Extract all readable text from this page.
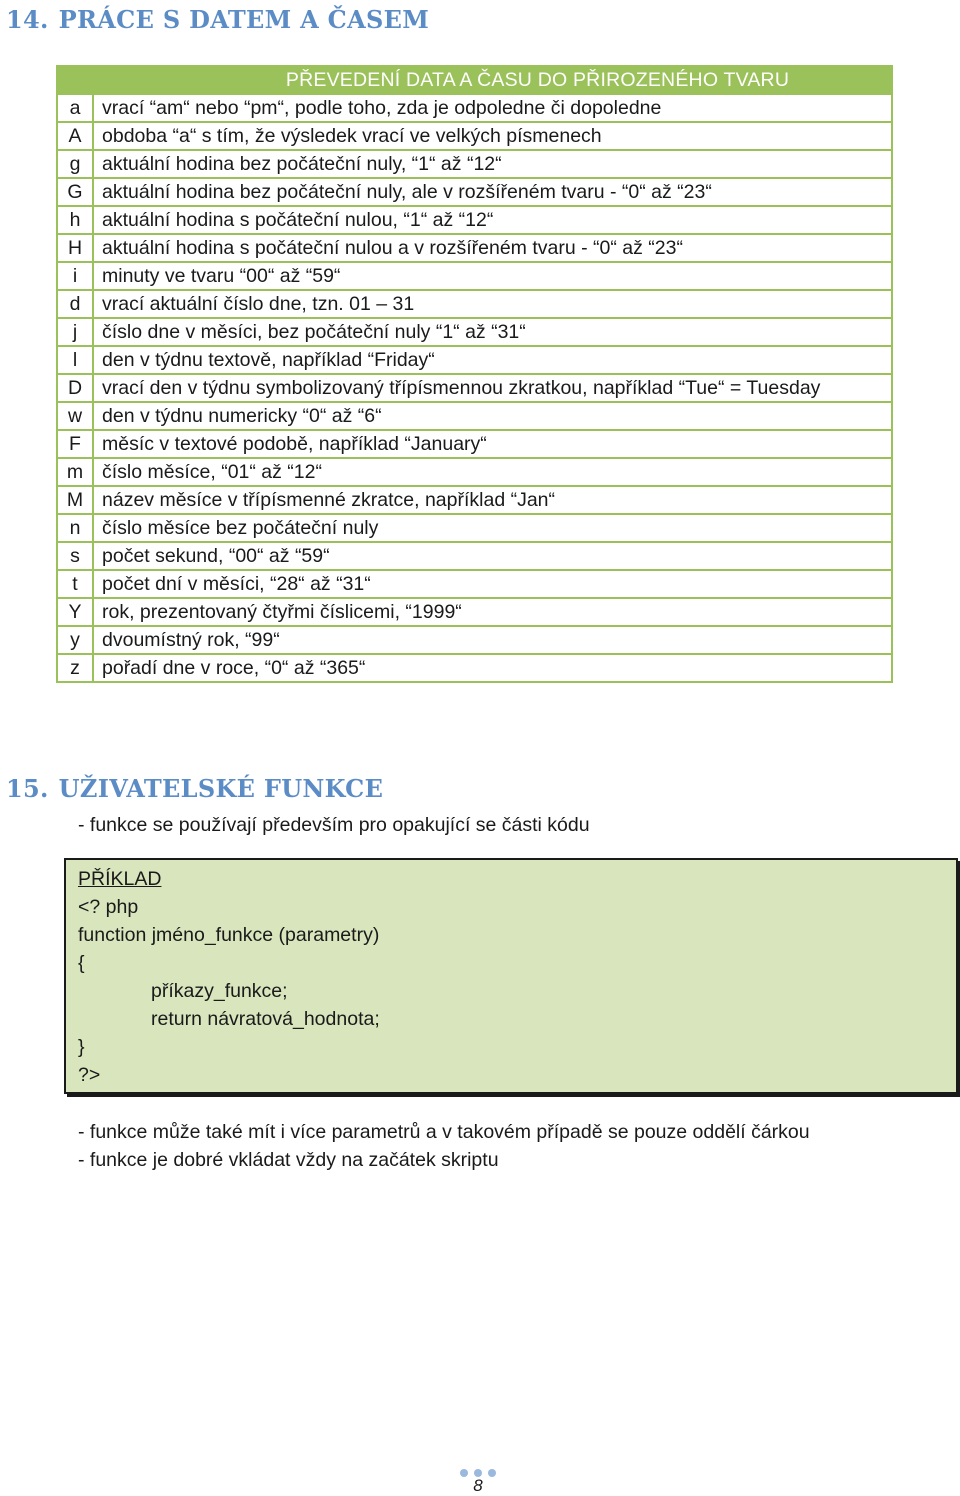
14. PRÁCE S DATEM A ČASEM
	PŘEVEDENÍ DATA A ČASU DO PŘIROZENÉHO TVARU
a	vrací “am“ nebo “pm“, podle toho, zda je odpoledne či dopoledne
A	obdoba “a“ s tím, že výsledek vrací ve velkých písmenech
g	aktuální hodina bez počáteční nuly, “1“ až “12“
G	aktuální hodina bez počáteční nuly, ale v rozšířeném tvaru - “0“ až “23“
h	aktuální hodina s počáteční nulou, “1“ až “12“
H	aktuální hodina s počáteční nulou a v rozšířeném tvaru - “0“ až “23“
i	minuty ve tvaru “00“ až “59“
d	vrací aktuální číslo dne, tzn. 01 – 31
j	číslo dne v měsíci, bez počáteční nuly “1“ až “31“
l	den v týdnu textově, například “Friday“
D	vrací den v týdnu symbolizovaný třípísmennou zkratkou, například “Tue“ = Tuesday
w	den v týdnu numericky “0“ až “6“
F	měsíc v textové podobě, například “January“
m	číslo měsíce, “01“ až “12“
M	název měsíce v třípísmenné zkratce, například “Jan“
n	číslo měsíce bez počáteční nuly
s	počet sekund, “00“ až “59“
t	počet dní v měsíci, “28“ až “31“
Y	rok, prezentovaný čtyřmi číslicemi, “1999“
y	dvoumístný rok, “99“
z	pořadí dne v roce, “0“ až “365“
15. UŽIVATELSKÉ FUNKCE

- funkce se používají především pro opakující se části kódu

PŘÍKLAD
<? php
function jméno_funkce (parametry)
{
příkazy_funkce;
return návratová_hodnota;
}
?>

- funkce může také mít i více parametrů a v takovém případě se pouze oddělí čárkou

- funkce je dobré vkládat vždy na začátek skriptu

8
